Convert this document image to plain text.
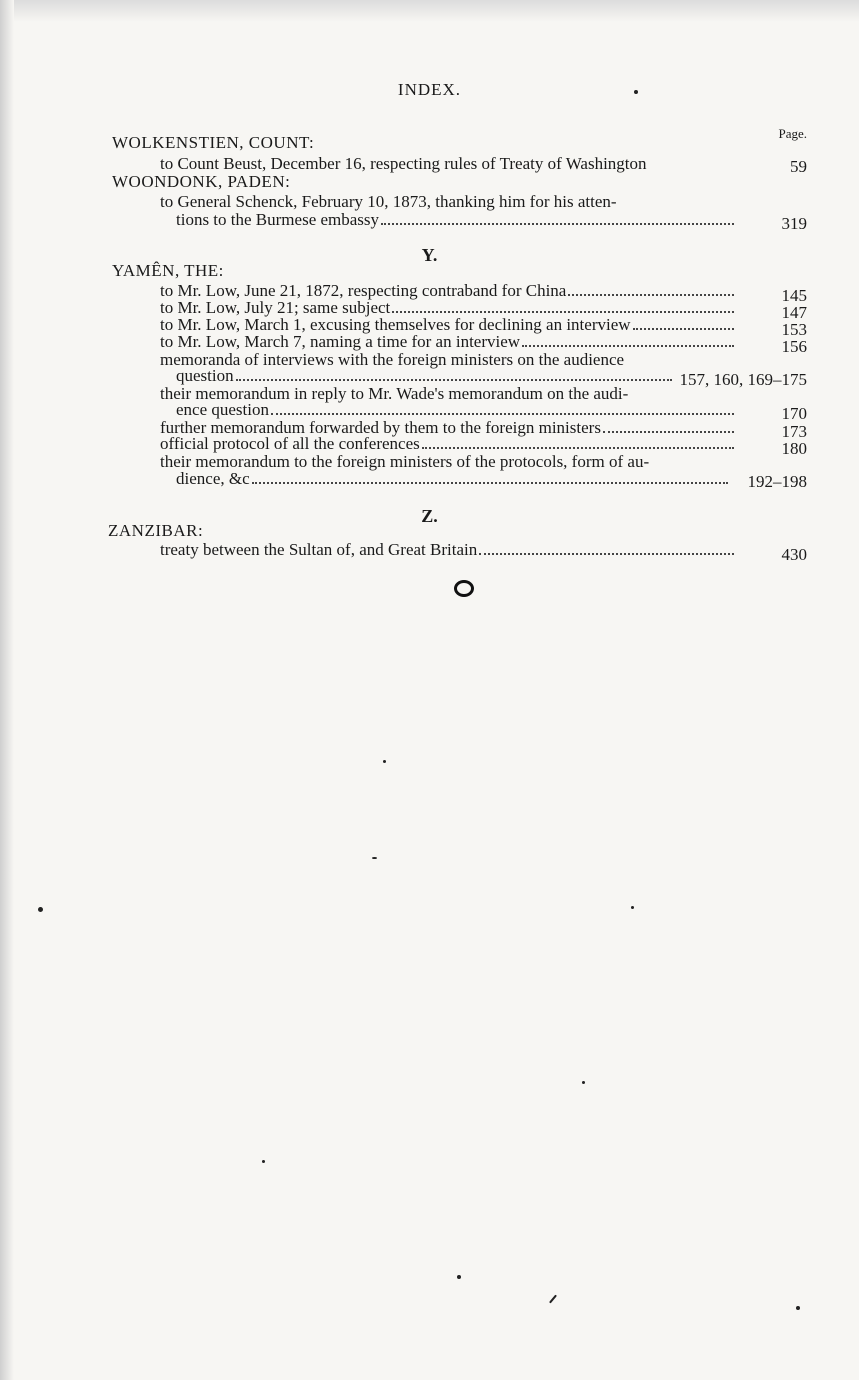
INDEX.
Page.
WOLKENSTIEN, COUNT:
to Count Beust, December 16, respecting rules of Treaty of Washington	59
WOONDONK, PADEN:
to General Schenck, February 10, 1873, thanking him for his atten-
tions to the Burmese embassy	319
Y.
YAMÊN, THE:
to Mr. Low, June 21, 1872, respecting contraband for China	145
to Mr. Low, July 21; same subject	147
to Mr. Low, March 1, excusing themselves for declining an interview	153
to Mr. Low, March 7, naming a time for an interview	156
memoranda of interviews with the foreign ministers on the audience
question	157, 160, 169–175
their memorandum in reply to Mr. Wade's memorandum on the audi-
ence question	170
further memorandum forwarded by them to the foreign ministers	173
official protocol of all the conferences	180
their memorandum to the foreign ministers of the protocols, form of au-
dience, &c	192–198
Z.
ZANZIBAR:
treaty between the Sultan of, and Great Britain	430
